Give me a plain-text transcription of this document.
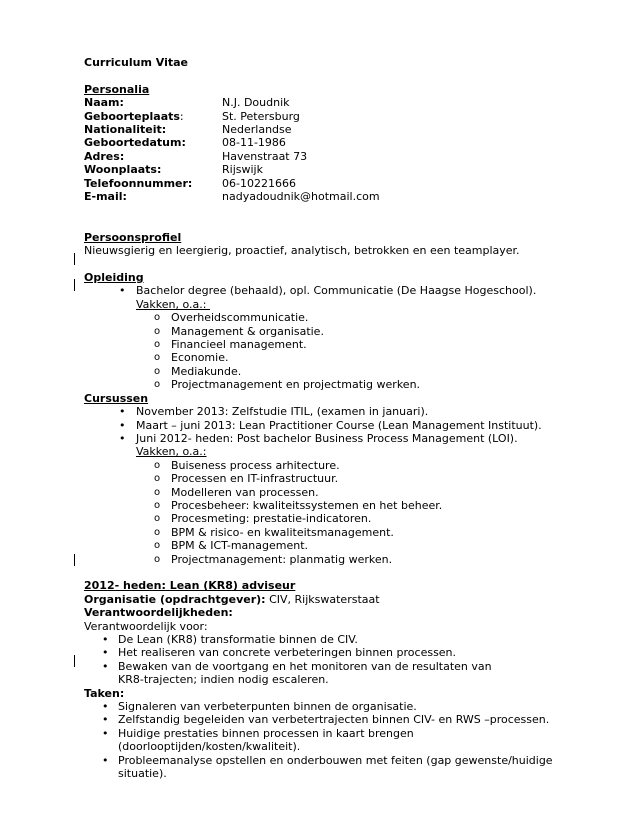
Curriculum Vitae
Personalia
Naam:	N.J. Doudnik
Geboorteplaats:	St. Petersburg
Nationaliteit:	Nederlandse
Geboortedatum:	08-11-1986
Adres:	Havenstraat 73
Woonplaats:	Rijswijk
Telefoonnummer:	06-10221666
E-mail:	nadyadoudnik@hotmail.com
Persoonsprofiel
Nieuwsgierig en leergierig, proactief, analytisch, betrokken en een teamplayer.
Opleiding
• Bachelor degree (behaald), opl. Communicatie (De Haagse Hogeschool).
Vakken, o.a.:
o Overheidscommunicatie.
o Management & organisatie.
o Financieel management.
o Economie.
o Mediakunde.
o Projectmanagement en projectmatig werken.
Cursussen
• November 2013: Zelfstudie ITIL, (examen in januari).
• Maart – juni 2013: Lean Practitioner Course (Lean Management Instituut).
• Juni 2012- heden: Post bachelor Business Process Management (LOI).
Vakken, o.a.:
o Buiseness process arhitecture.
o Processen en IT-infrastructuur.
o Modelleren van processen.
o Procesbeheer: kwaliteitssystemen en het beheer.
o Procesmeting: prestatie-indicatoren.
o BPM & risico- en kwaliteitsmanagement.
o BPM & ICT-management.
o Projectmanagement: planmatig werken.
2012- heden: Lean (KR8) adviseur
Organisatie (opdrachtgever): CIV, Rijkswaterstaat
Verantwoordelijkheden:
Verantwoordelijk voor:
• De Lean (KR8) transformatie binnen de CIV.
• Het realiseren van concrete verbeteringen binnen processen.
• Bewaken van de voortgang en het monitoren van de resultaten van KR8-trajecten; indien nodig escaleren.
Taken:
• Signaleren van verbeterpunten binnen de organisatie.
• Zelfstandig begeleiden van verbetertrajecten binnen CIV- en RWS –processen.
• Huidige prestaties binnen processen in kaart brengen (doorlooptijden/kosten/kwaliteit).
• Probleemanalyse opstellen en onderbouwen met feiten (gap gewenste/huidige situatie).
